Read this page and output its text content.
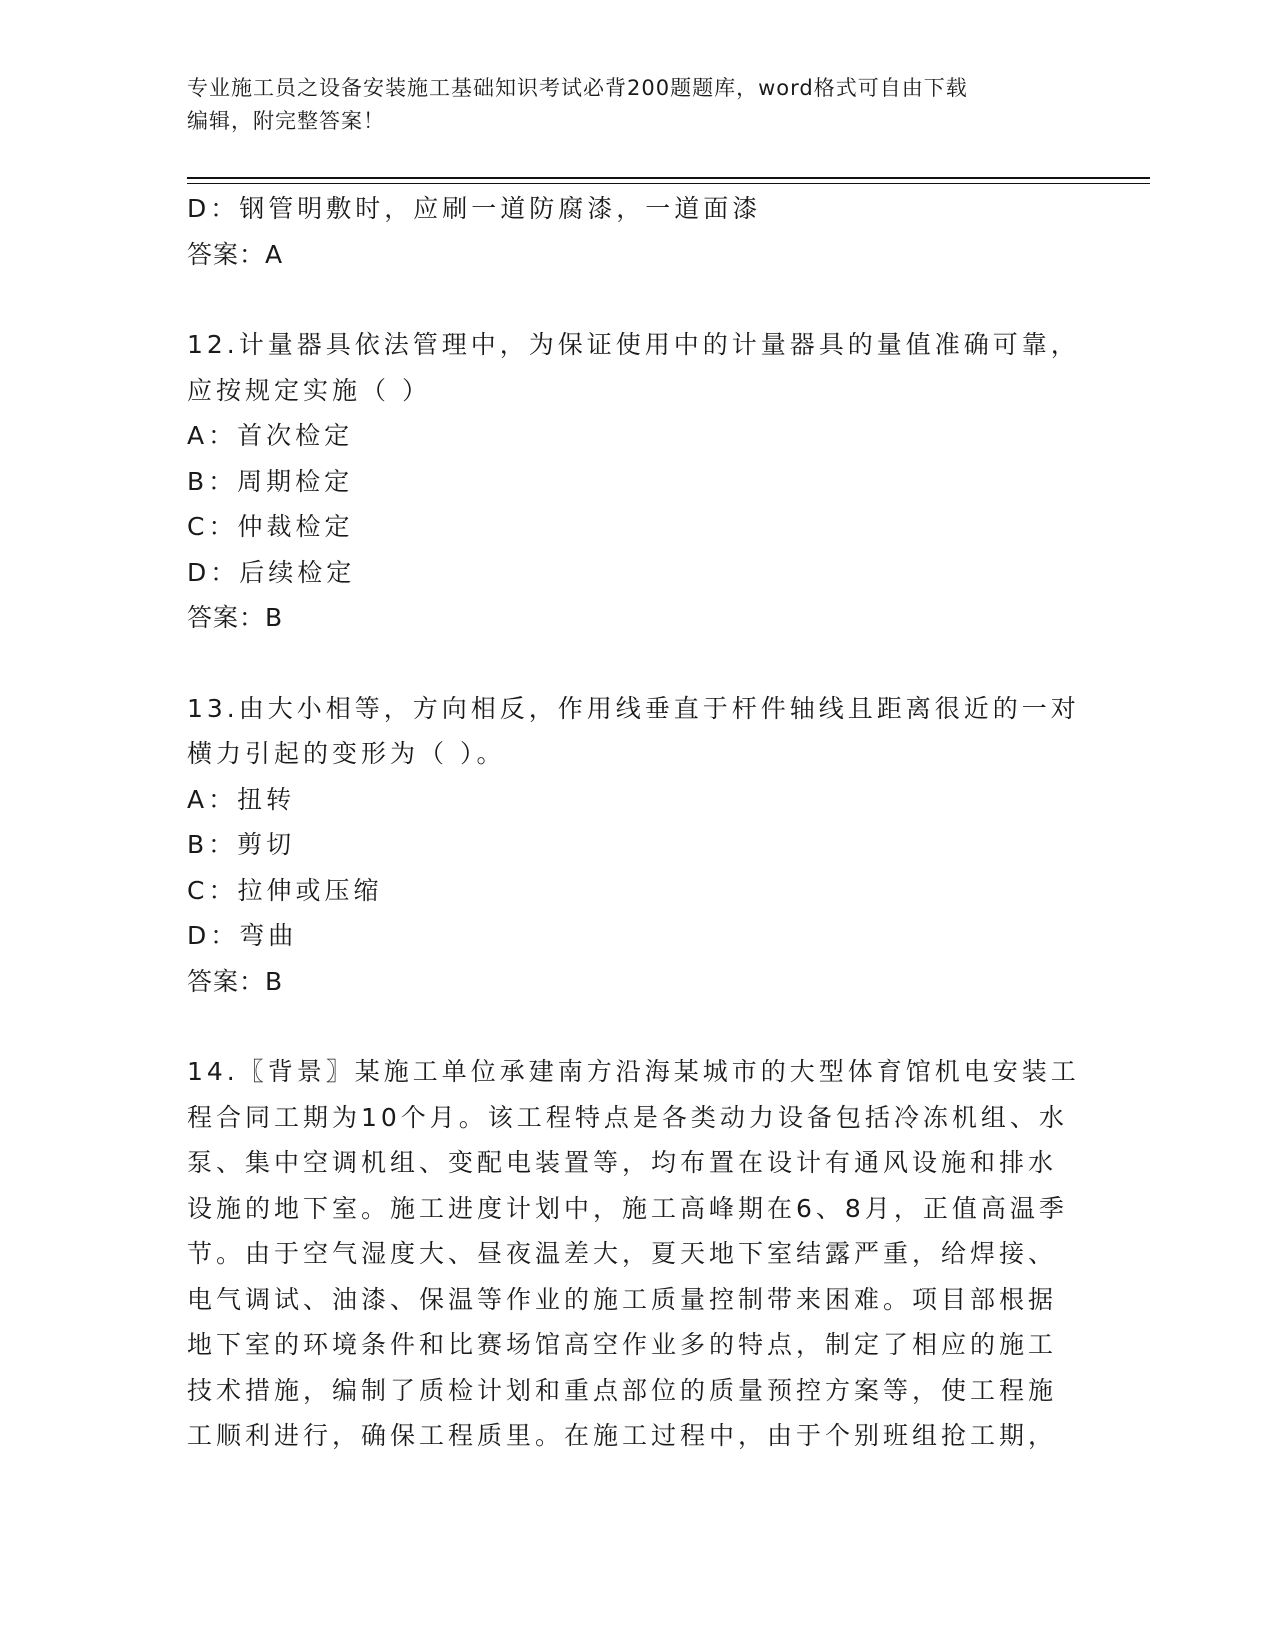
专业施工员之设备安装施工基础知识考试必背200题题库，word格式可自由下载
编辑，附完整答案！
D：钢管明敷时，应刷一道防腐漆，一道面漆
答案：A
12.计量器具依法管理中，为保证使用中的计量器具的量值准确可靠，
应按规定实施（ ）
A：首次检定
B：周期检定
C：仲裁检定
D：后续检定
答案：B
13.由大小相等，方向相反，作用线垂直于杆件轴线且距离很近的一对
横力引起的变形为（ ）。
A：扭转
B：剪切
C：拉伸或压缩
D：弯曲
答案：B
14.〖背景〗某施工单位承建南方沿海某城市的大型体育馆机电安装工
程合同工期为10个月。该工程特点是各类动力设备包括冷冻机组、水
泵、集中空调机组、变配电装置等，均布置在设计有通风设施和排水
设施的地下室。施工进度计划中，施工高峰期在6、8月，正值高温季
节。由于空气湿度大、昼夜温差大，夏天地下室结露严重，给焊接、
电气调试、油漆、保温等作业的施工质量控制带来困难。项目部根据
地下室的环境条件和比赛场馆高空作业多的特点，制定了相应的施工
技术措施，编制了质检计划和重点部位的质量预控方案等，使工程施
工顺利进行，确保工程质里。在施工过程中，由于个别班组抢工期，
